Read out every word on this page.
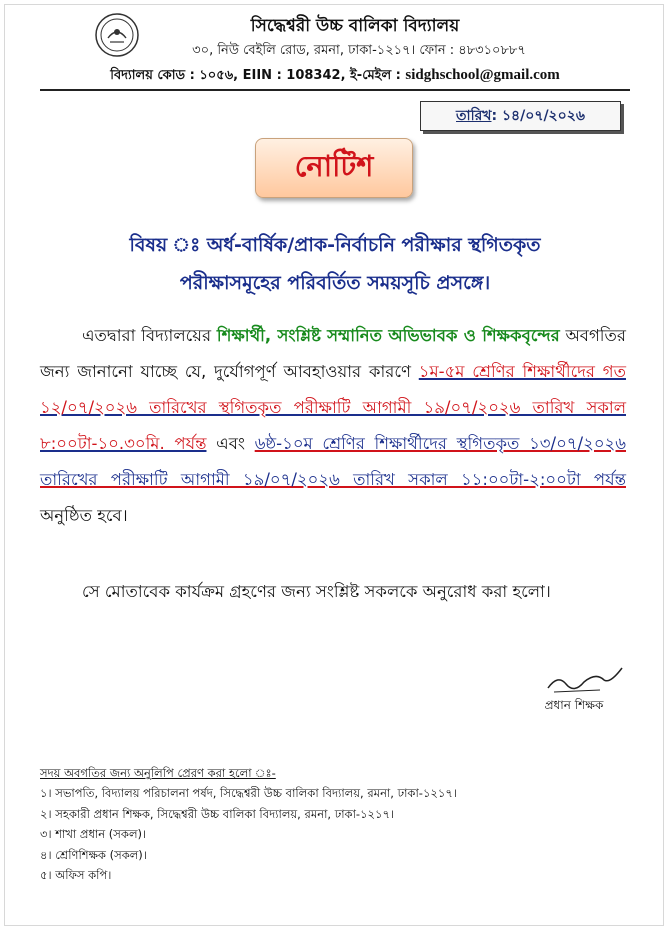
সিদ্ধেশ্বরী উচ্চ বালিকা বিদ্যালয়
৩০, নিউ বেইলি রোড, রমনা, ঢাকা-১২১৭। ফোন : ৪৮৩১০৮৮৭
বিদ্যালয় কোড : ১০৫৬, EIIN : 108342, ই-মেইল : sidghschool@gmail.com
তারিখ : ১৪/০৭/২০২৬
নোটিশ
বিষয় ঃ অর্ধ-বার্ষিক/প্রাক-নির্বাচনি পরীক্ষার স্থগিতকৃত
পরীক্ষাসমূহের পরিবর্তিত সময়সূচি প্রসঙ্গে।
এতদ্বারা বিদ্যালয়ের শিক্ষার্থী, সংশ্লিষ্ট সম্মানিত অভিভাবক ও শিক্ষকবৃন্দের অবগতির জন্য জানানো যাচ্ছে যে, দুর্যোগপূর্ণ আবহাওয়ার কারণে ১ম-৫ম শ্রেণির শিক্ষার্থীদের গত ১২/০৭/২০২৬ তারিখের স্থগিতকৃত পরীক্ষাটি আগামী ১৯/০৭/২০২৬ তারিখ সকাল ৮:০০টা-১০.৩০মি. পর্যন্ত এবং ৬ষ্ঠ-১০ম শ্রেণির শিক্ষার্থীদের স্থগিতকৃত ১৩/০৭/২০২৬ তারিখের পরীক্ষাটি আগামী ১৯/০৭/২০২৬ তারিখ সকাল ১১:০০টা-২:০০টা পর্যন্ত অনুষ্ঠিত হবে।
সে মোতাবেক কার্যক্রম গ্রহণের জন্য সংশ্লিষ্ট সকলকে অনুরোধ করা হলো।
প্রধান শিক্ষক
সদয় অবগতির জন্য অনুলিপি প্রেরণ করা হলো ঃ-
১। সভাপতি, বিদ্যালয় পরিচালনা পর্ষদ, সিদ্ধেশ্বরী উচ্চ বালিকা বিদ্যালয়, রমনা, ঢাকা-১২১৭।
২। সহকারী প্রধান শিক্ষক, সিদ্ধেশ্বরী উচ্চ বালিকা বিদ্যালয়, রমনা, ঢাকা-১২১৭।
৩। শাখা প্রধান (সকল)।
৪। শ্রেণিশিক্ষক (সকল)।
৫। অফিস কপি।
